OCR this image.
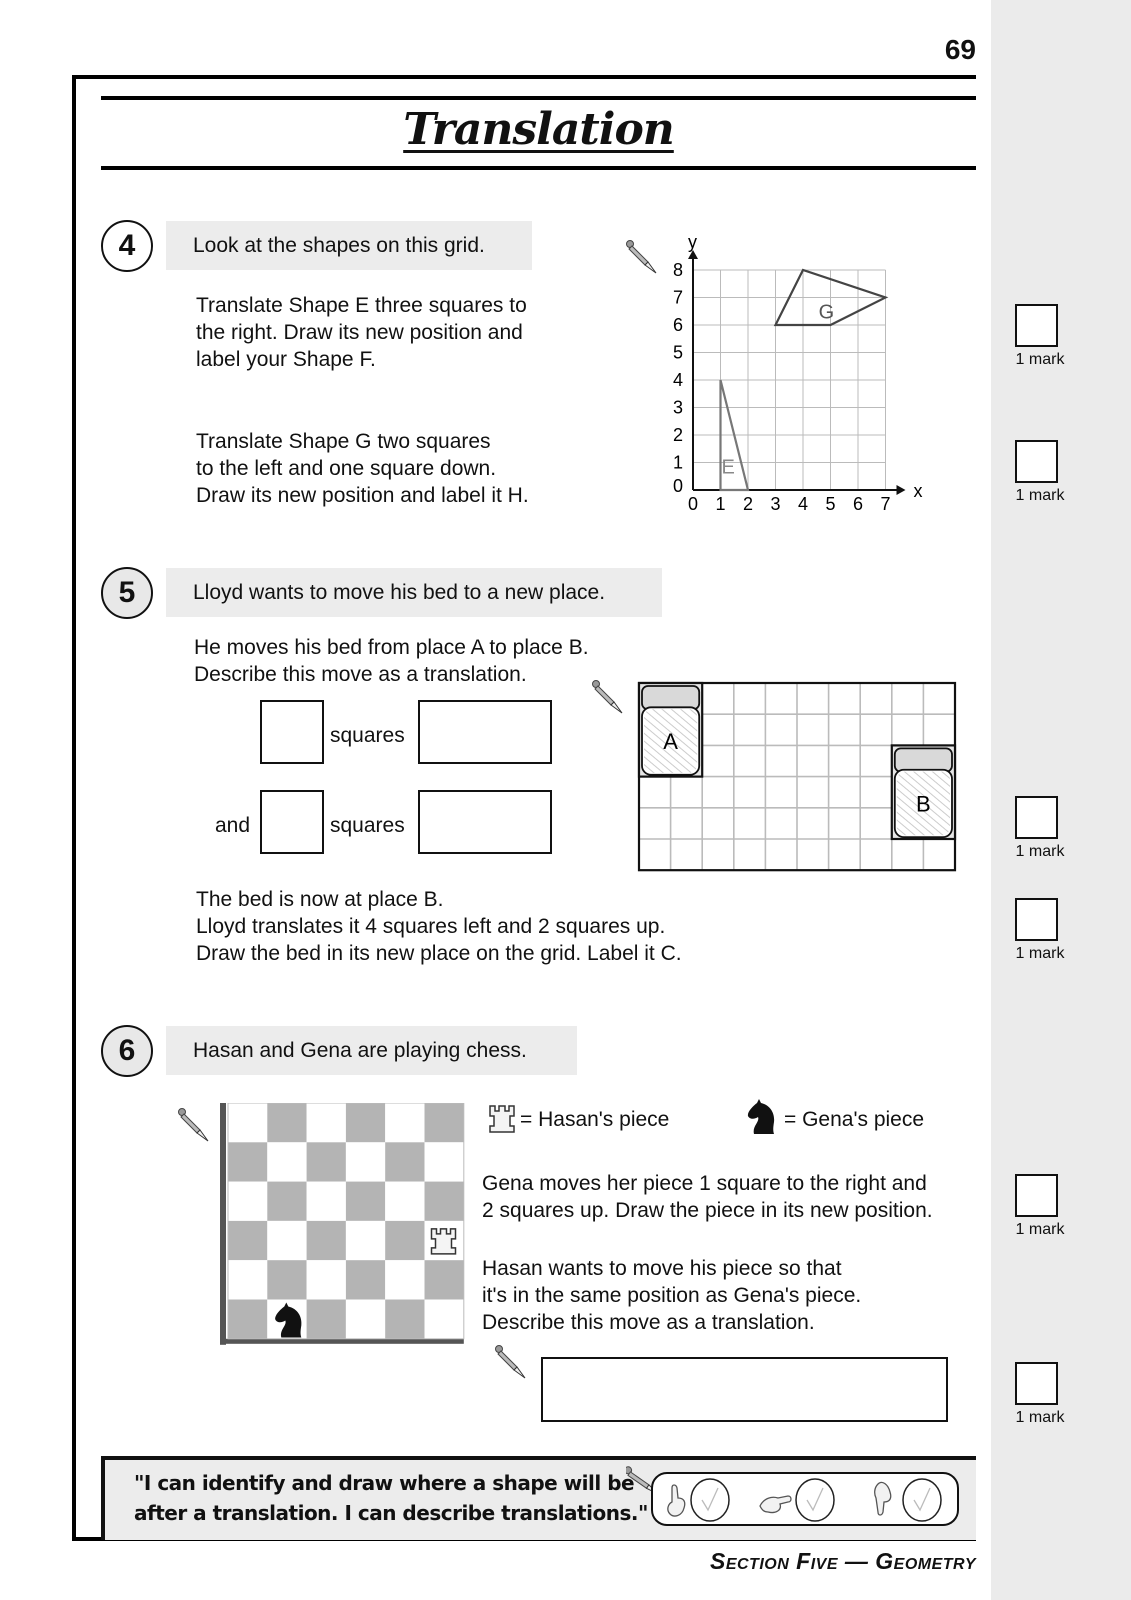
69
Translation
4	Look at the shapes on this grid.
Translate Shape E three squares to
the right. Draw its new position and
label your Shape F.
Translate Shape G two squares
to the left and one square down.
Draw its new position and label it H.	0 1 2 3 4 5 6 7
0
1
2
3
4
5
6
7
8
x
y
E
G
1 mark
1 mark
5	Lloyd wants to move his bed to a new place.
He moves his bed from place A to place B.
Describe this move as a translation.
squares
and	squares
A
B
1 mark
The bed is now at place B.
Lloyd translates it 4 squares left and 2 squares up.
Draw the bed in its new place on the grid. Label it C.	1 mark
6	Hasan and Gena are playing chess.
= Hasan's piece	= Gena's piece
Gena moves her piece 1 square to the right and
2 squares up. Draw the piece in its new position.
1 mark
Hasan wants to move his piece so that
it's in the same position as Gena's piece.
Describe this move as a translation.
1 mark
"I can identify and draw where a shape will be
after a translation. I can describe translations."
Section Five — Geometry
